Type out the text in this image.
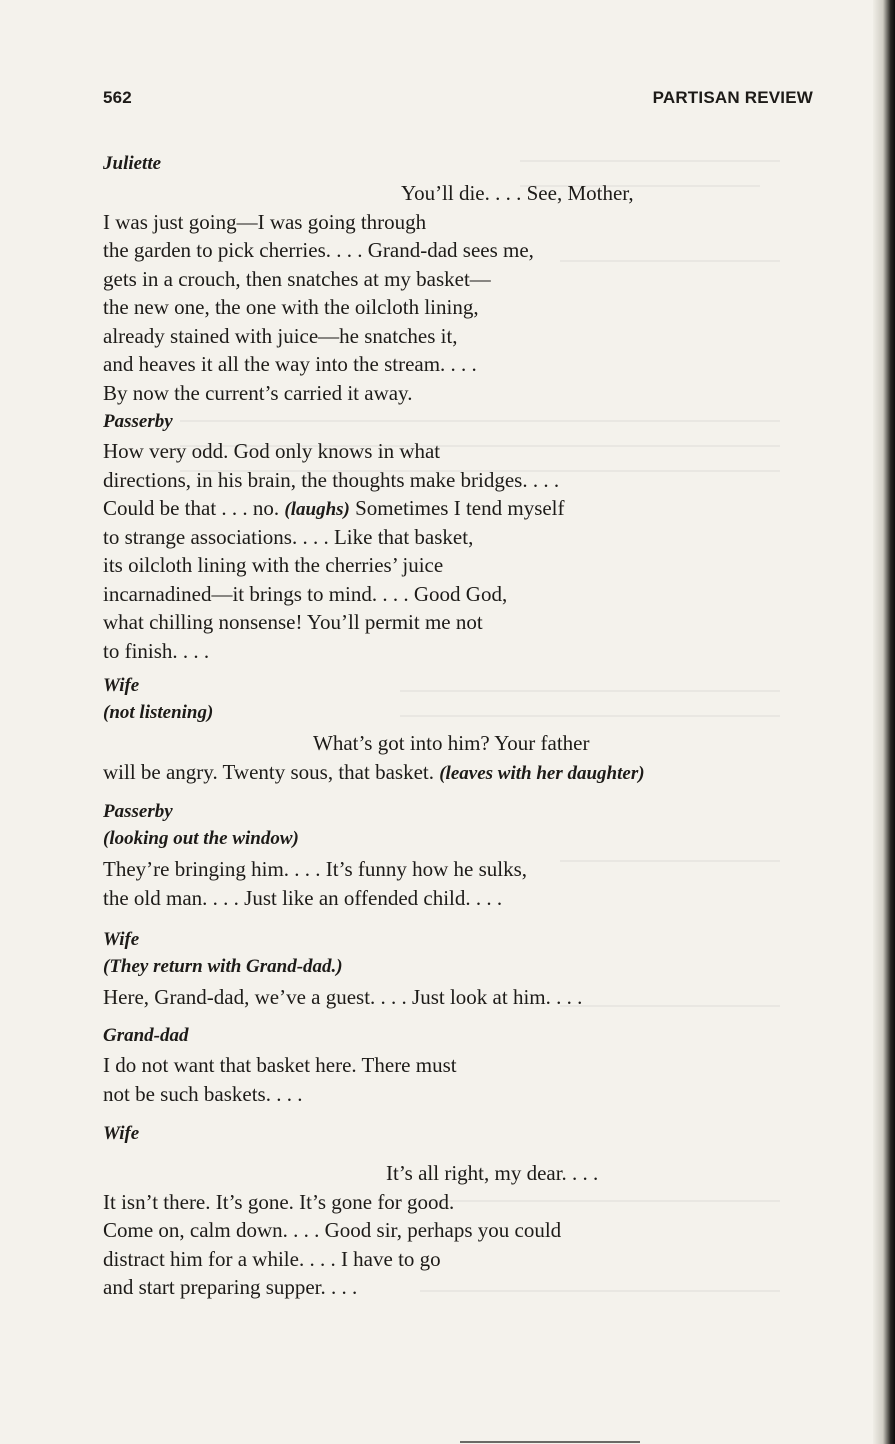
562	PARTISAN REVIEW
Juliette
You’ll die. . . . See, Mother,
I was just going—I was going through
the garden to pick cherries. . . . Grand-dad sees me,
gets in a crouch, then snatches at my basket—
the new one, the one with the oilcloth lining,
already stained with juice—he snatches it,
and heaves it all the way into the stream. . . .
By now the current’s carried it away.
Passerby
How very odd. God only knows in what
directions, in his brain, the thoughts make bridges. . . .
Could be that . . . no. (laughs) Sometimes I tend myself
to strange associations. . . . Like that basket,
its oilcloth lining with the cherries’ juice
incarnadined—it brings to mind. . . . Good God,
what chilling nonsense! You’ll permit me not
to finish. . . .
Wife
(not listening)
What’s got into him? Your father
will be angry. Twenty sous, that basket. (leaves with her daughter)
Passerby
(looking out the window)
They’re bringing him. . . . It’s funny how he sulks,
the old man. . . . Just like an offended child. . . .
Wife
(They return with Grand-dad.)
Here, Grand-dad, we’ve a guest. . . . Just look at him. . . .
Grand-dad
I do not want that basket here. There must
not be such baskets. . . .
Wife
It’s all right, my dear. . . .
It isn’t there. It’s gone. It’s gone for good.
Come on, calm down. . . . Good sir, perhaps you could
distract him for a while. . . . I have to go
and start preparing supper. . . .
